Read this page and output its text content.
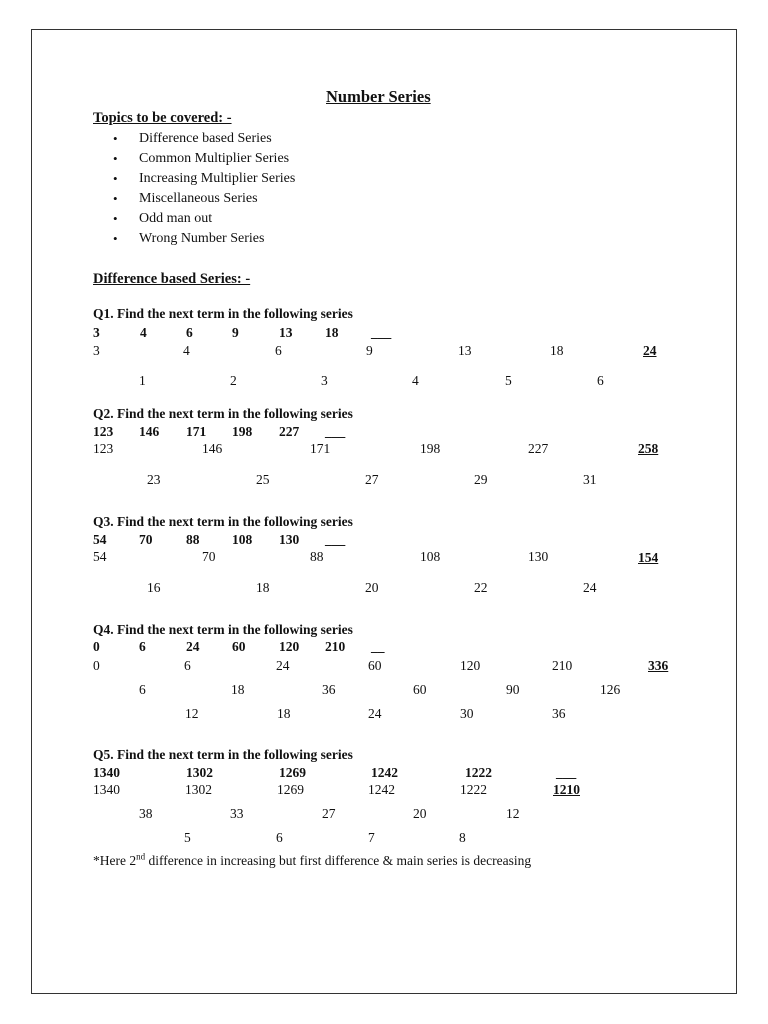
Number Series
Topics to be covered: -
• Difference based Series
• Common Multiplier Series
• Increasing Multiplier Series
• Miscellaneous Series
• Odd man out
• Wrong Number Series
Difference based Series: -
Q1. Find the next term in the following series
3	4	6	9	13 18 ___
3	4	6	9	13	18	24
1	2	3	4	5	6
Q2. Find the next term in the following series
123 146 171 198 227 ___
123	146	171	198	227	258
23	25	27	29	31
Q3. Find the next term in the following series
54 70 88 108 130 ___
54	70	88	108	130	154
16	18	20	22	24
Q4. Find the next term in the following series
0	6	24 60 120 210 __
0	6	24	60	120	210	336
6	18	36	60	90	126
12	18	24	30	36
Q5. Find the next term in the following series
1340	1302	1269	1242	1222	___
1340	1302	1269	1242	1222	1210
38	33	27	20	12
5	6	7	8
*Here 2nd difference in increasing but first difference & main series is decreasing
